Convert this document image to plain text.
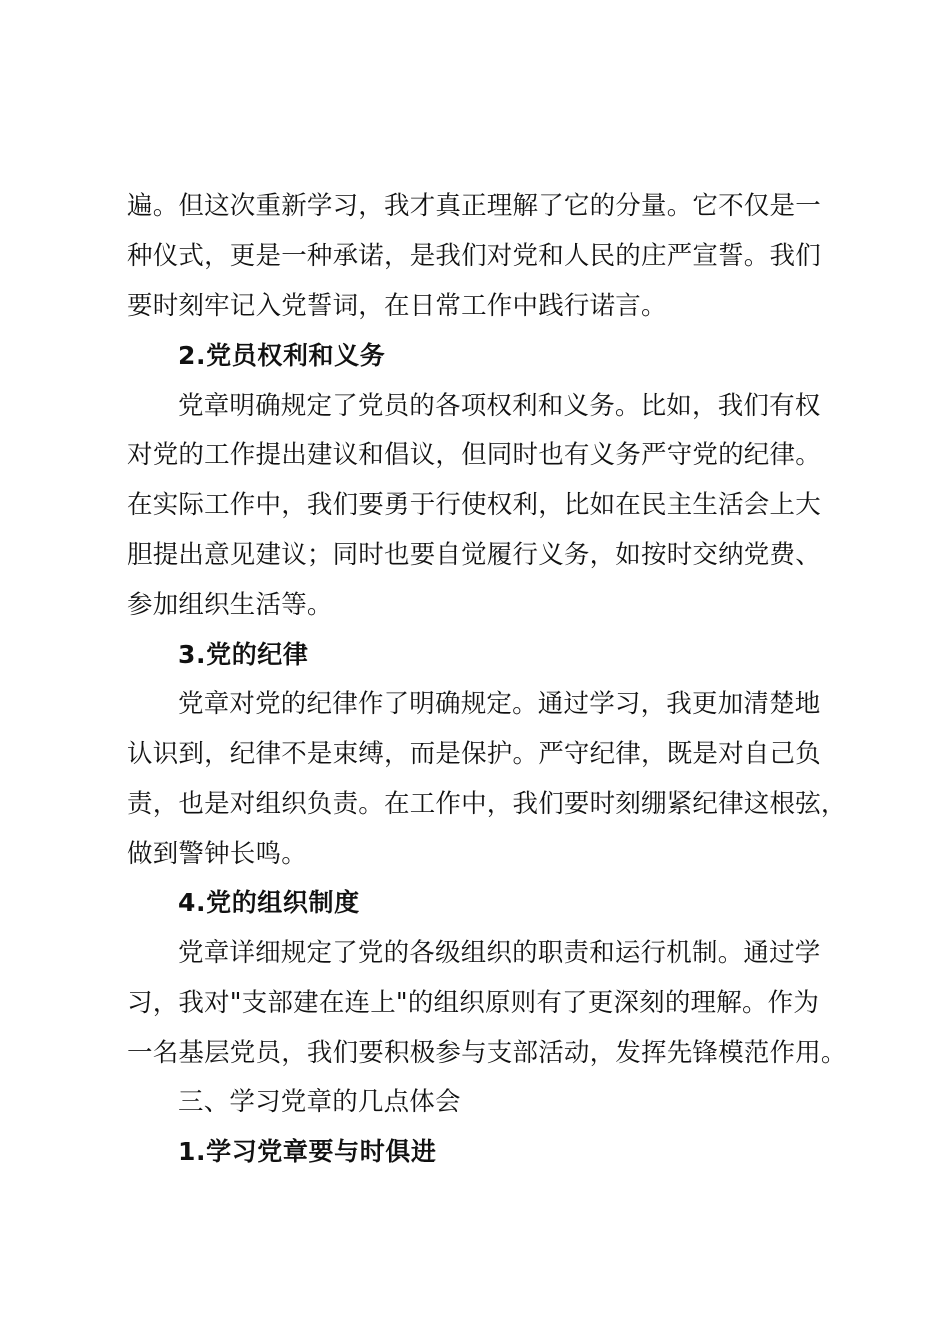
遍。但这次重新学习，我才真正理解了它的分量。它不仅是一
种仪式，更是一种承诺，是我们对党和人民的庄严宣誓。我们
要时刻牢记入党誓词，在日常工作中践行诺言。
2.党员权利和义务
党章明确规定了党员的各项权利和义务。比如，我们有权
对党的工作提出建议和倡议，但同时也有义务严守党的纪律。
在实际工作中，我们要勇于行使权利，比如在民主生活会上大
胆提出意见建议；同时也要自觉履行义务，如按时交纳党费、
参加组织生活等。
3.党的纪律
党章对党的纪律作了明确规定。通过学习，我更加清楚地
认识到，纪律不是束缚，而是保护。严守纪律，既是对自己负
责，也是对组织负责。在工作中，我们要时刻绷紧纪律这根弦，
做到警钟长鸣。
4.党的组织制度
党章详细规定了党的各级组织的职责和运行机制。通过学
习，我对"支部建在连上"的组织原则有了更深刻的理解。作为
一名基层党员，我们要积极参与支部活动，发挥先锋模范作用。
三、学习党章的几点体会
1.学习党章要与时俱进
